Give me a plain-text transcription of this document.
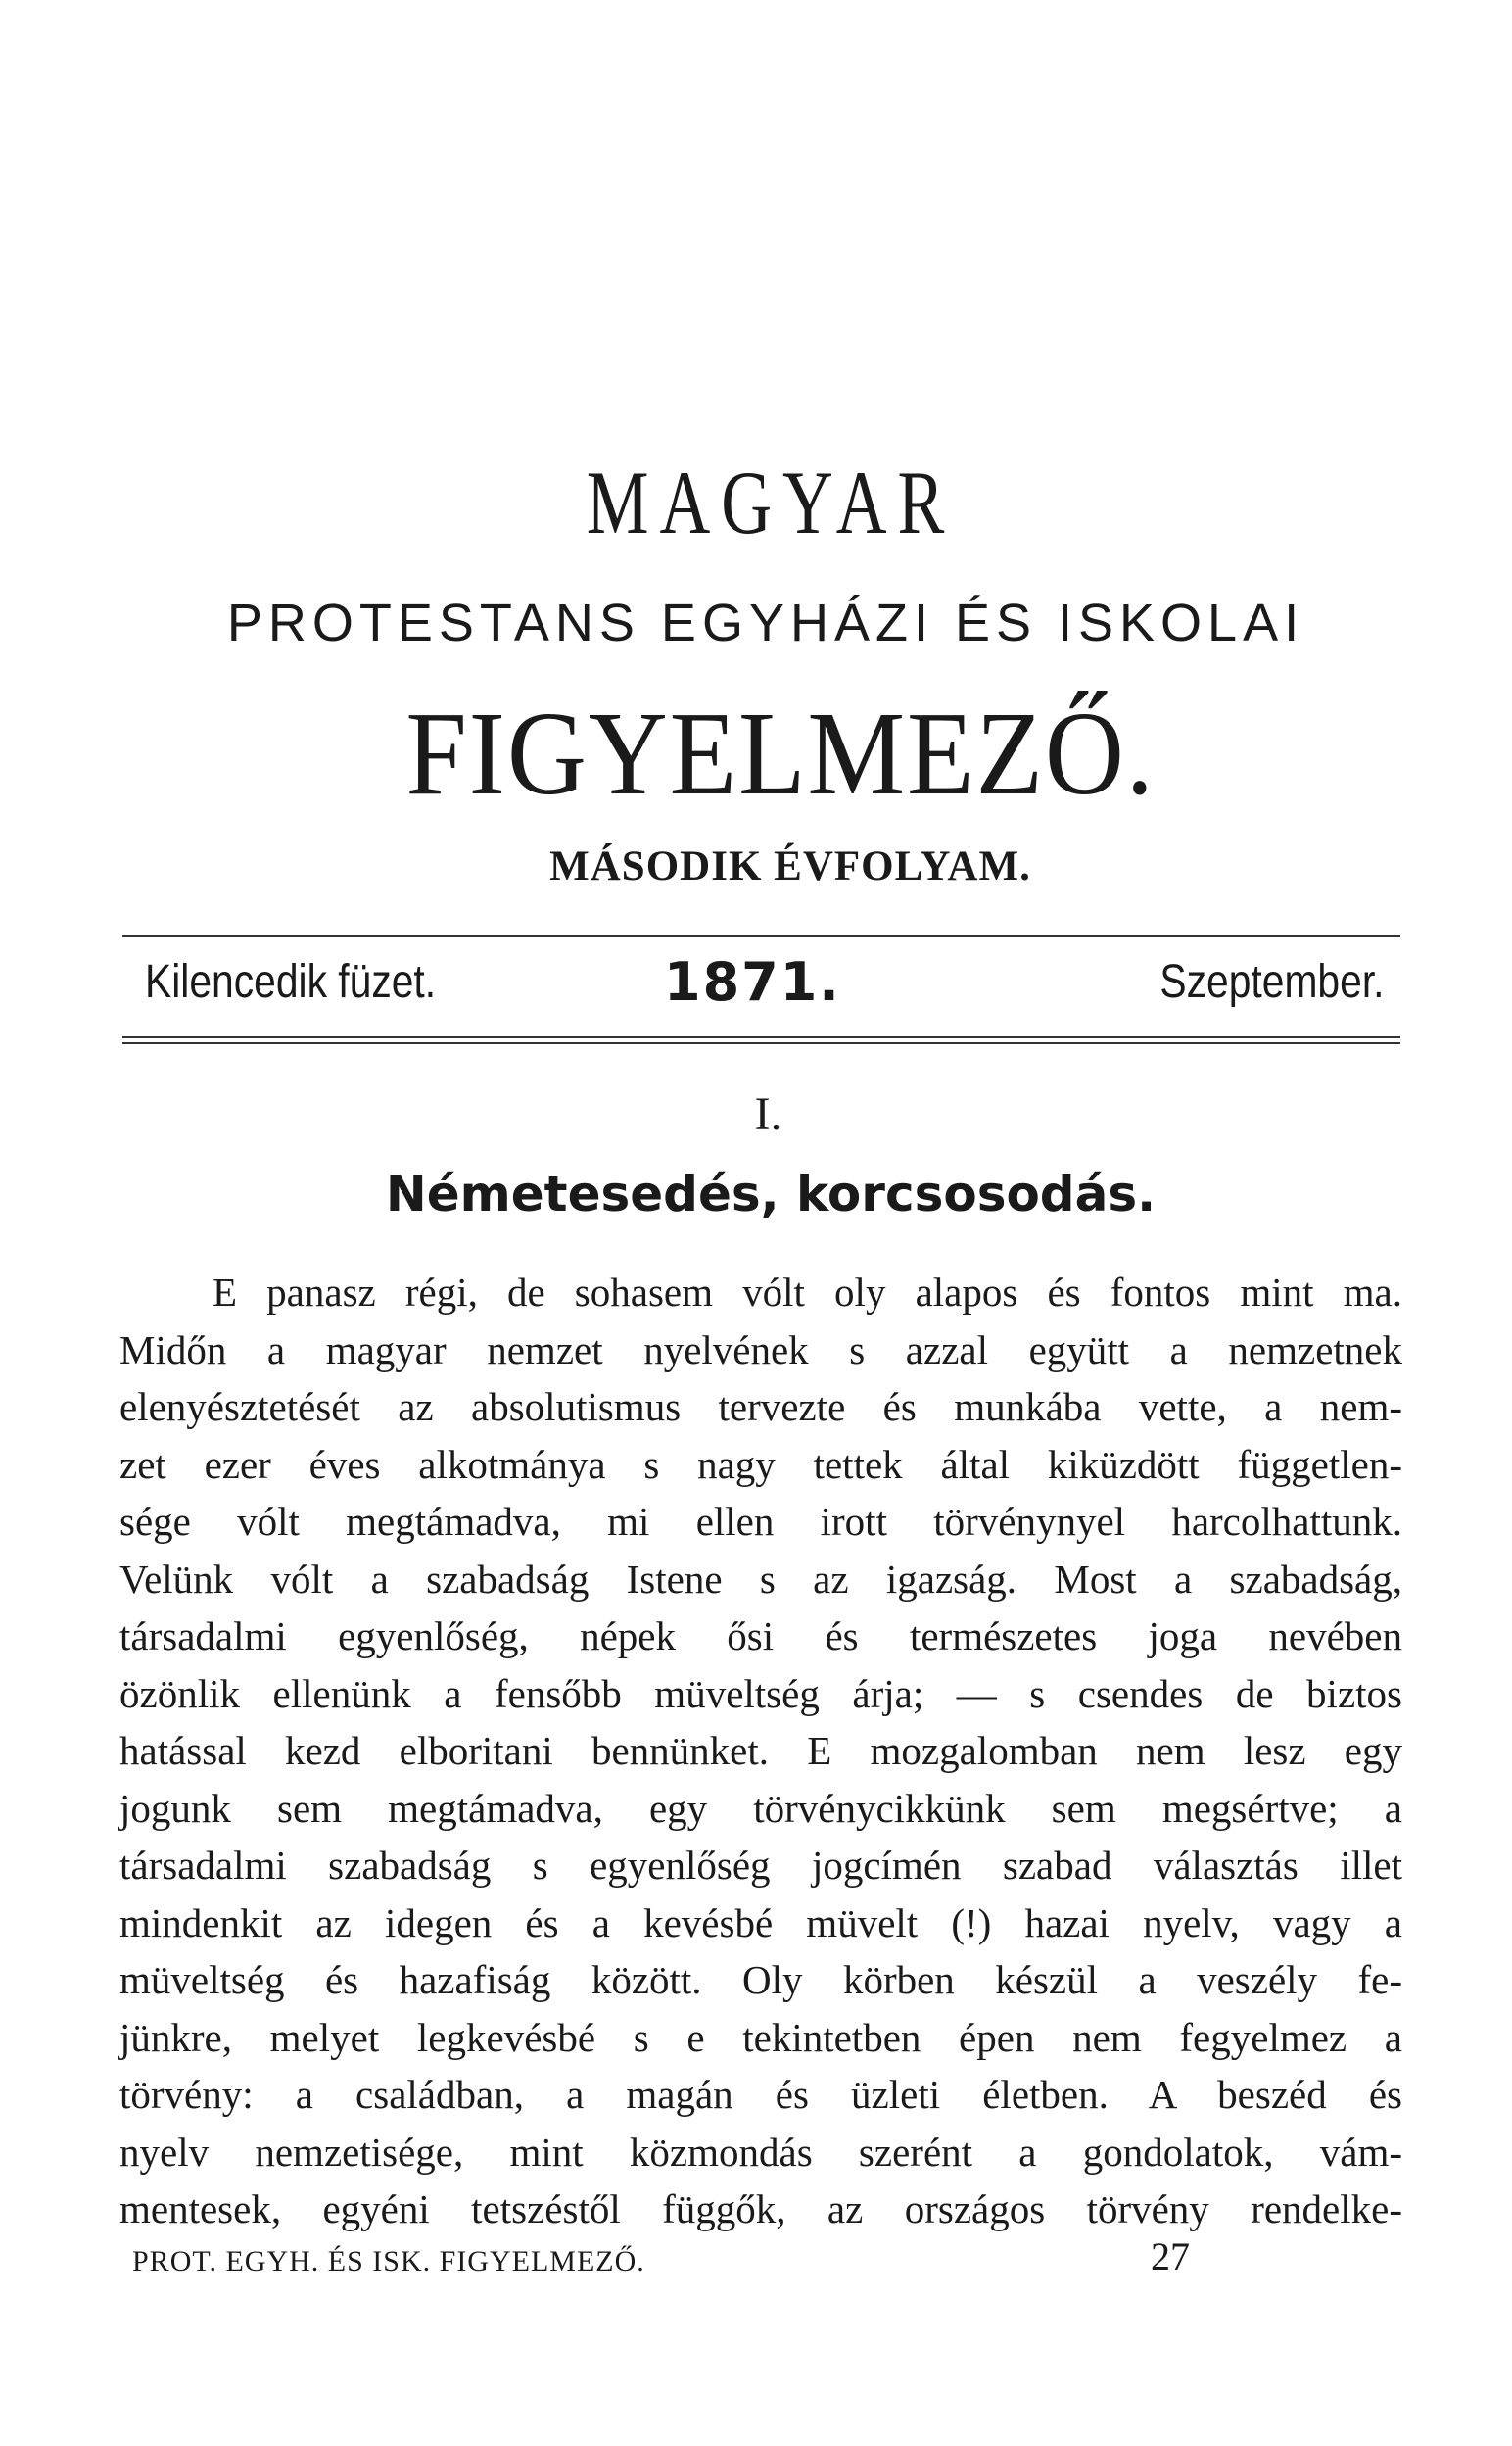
MAGYAR
PROTESTANS EGYHÁZI ÉS ISKOLAI
FIGYELMEZŐ.
MÁSODIK ÉVFOLYAM.
Kilencedik füzet.	1871.	Szeptember.
I.
Németesedés, korcsosodás.
E panasz régi, de sohasem vólt oly alapos és fontos mint ma.
Midőn a magyar nemzet nyelvének s azzal együtt a nemzetnek
elenyésztetését az absolutismus tervezte és munkába vette, a nem-
zet ezer éves alkotmánya s nagy tettek által kiküzdött független-
sége vólt megtámadva, mi ellen irott törvénynyel harcolhattunk.
Velünk vólt a szabadság Istene s az igazság. Most a szabadság,
társadalmi egyenlőség, népek ősi és természetes joga nevében
özönlik ellenünk a fensőbb müveltség árja; — s csendes de biztos
hatással kezd elboritani bennünket. E mozgalomban nem lesz egy
jogunk sem megtámadva, egy törvénycikkünk sem megsértve; a
társadalmi szabadság s egyenlőség jogcímén szabad választás illet
mindenkit az idegen és a kevésbé müvelt (!) hazai nyelv, vagy a
müveltség és hazafiság között. Oly körben készül a veszély fe-
jünkre, melyet legkevésbé s e tekintetben épen nem fegyelmez a
törvény: a családban, a magán és üzleti életben. A beszéd és
nyelv nemzetisége, mint közmondás szerént a gondolatok, vám-
mentesek, egyéni tetszéstől függők, az országos törvény rendelke-
PROT. EGYH. ÉS ISK. FIGYELMEZŐ.	27
